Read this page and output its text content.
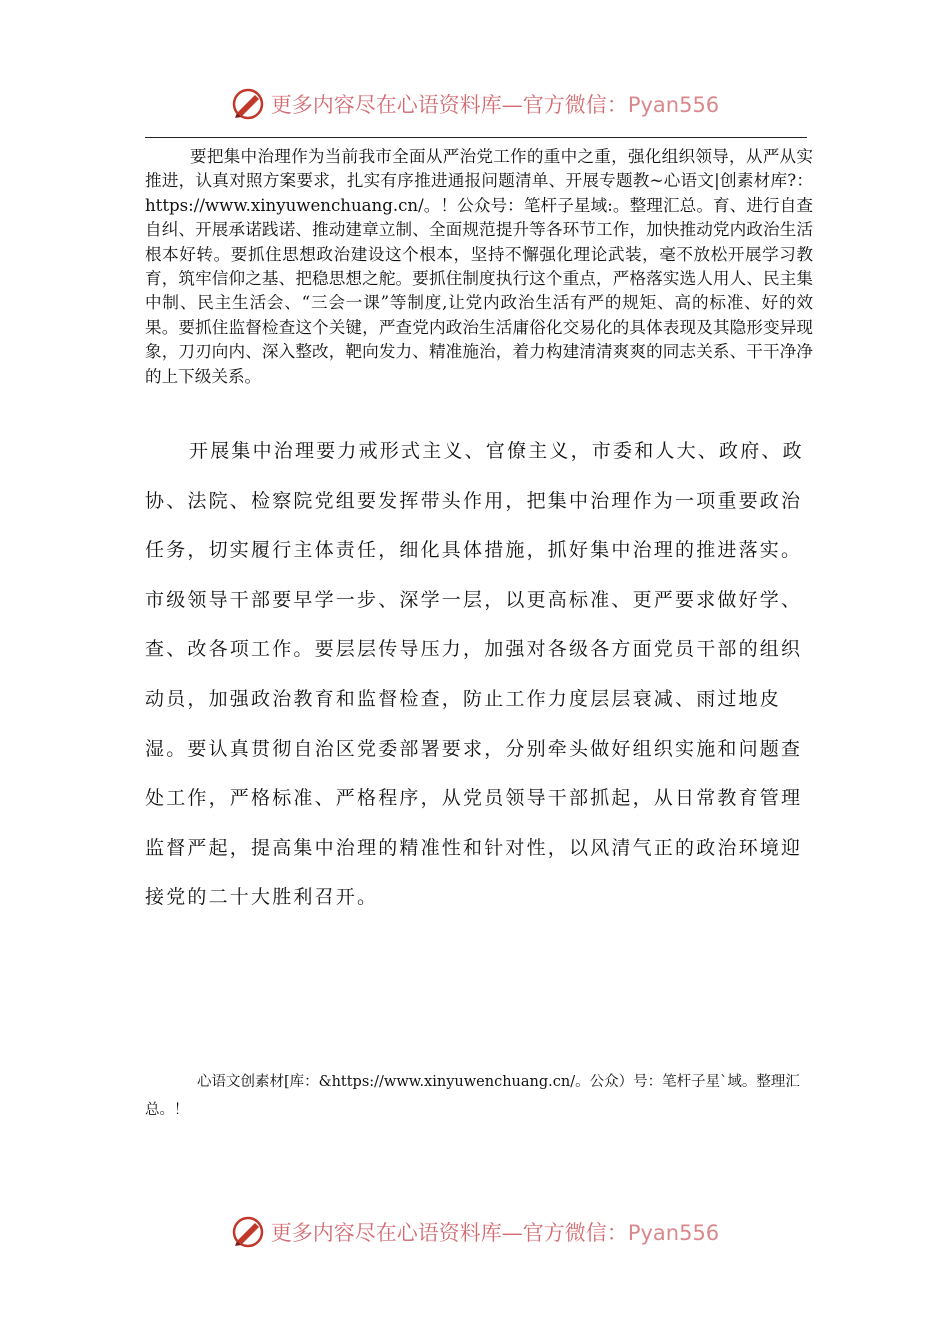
更多内容尽在心语资料库—官方微信：Pyan556

要把集中治理作为当前我市全面从严治党工作的重中之重，强化组织领导，从严从实推进，认真对照方案要求，扎实有序推进通报问题清单、开展专题教~心语文|创素材库?：https://www.xinyuwenchuang.cn/。！公众号：笔杆子星域:。整理汇总。育、进行自查自纠、开展承诺践诺、推动建章立制、全面规范提升等各环节工作，加快推动党内政治生活根本好转。要抓住思想政治建设这个根本，坚持不懈强化理论武装，毫不放松开展学习教育，筑牢信仰之基、把稳思想之舵。要抓住制度执行这个重点，严格落实选人用人、民主集中制、民主生活会、“三会一课”等制度,让党内政治生活有严的规矩、高的标准、好的效果。要抓住监督检查这个关键，严查党内政治生活庸俗化交易化的具体表现及其隐形变异现象，刀刃向内、深入整改，靶向发力、精准施治，着力构建清清爽爽的同志关系、干干净净的上下级关系。

开展集中治理要力戒形式主义、官僚主义，市委和人大、政府、政协、法院、检察院党组要发挥带头作用，把集中治理作为一项重要政治任务，切实履行主体责任，细化具体措施，抓好集中治理的推进落实。市级领导干部要早学一步、深学一层，以更高标准、更严要求做好学、查、改各项工作。要层层传导压力，加强对各级各方面党员干部的组织动员，加强政治教育和监督检查，防止工作力度层层衰减、雨过地皮湿。要认真贯彻自治区党委部署要求，分别牵头做好组织实施和问题查处工作，严格标准、严格程序，从党员领导干部抓起，从日常教育管理监督严起，提高集中治理的精准性和针对性，以风清气正的政治环境迎接党的二十大胜利召开。

心语文创素材[库：&https://www.xinyuwenchuang.cn/。公众）号：笔杆子星`域。整理汇总。！

更多内容尽在心语资料库—官方微信：Pyan556
